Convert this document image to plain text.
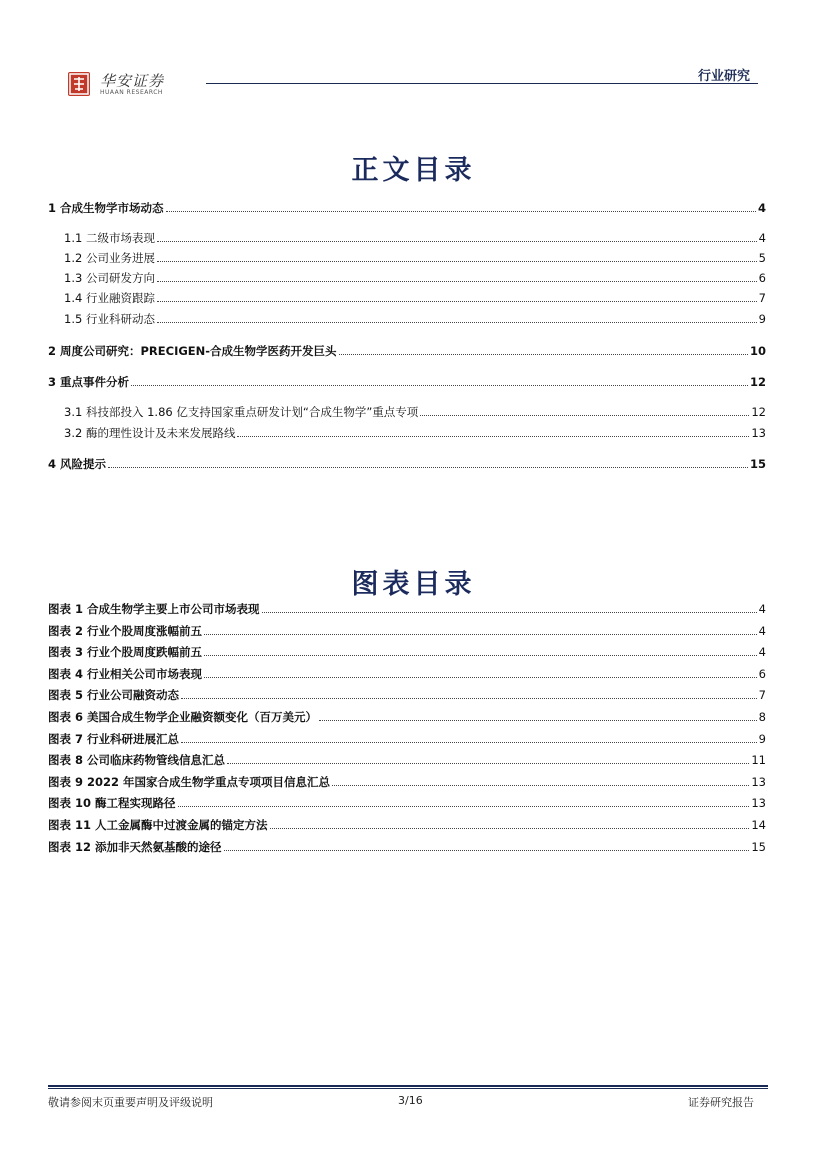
华安证券
HUAAN RESEARCH
行业研究
正文目录
1 合成生物学市场动态	4
1.1 二级市场表现	4
1.2 公司业务进展	5
1.3 公司研发方向	6
1.4 行业融资跟踪	7
1.5 行业科研动态	9
2 周度公司研究：PRECIGEN-合成生物学医药开发巨头	10
3 重点事件分析	12
3.1 科技部投入 1.86 亿支持国家重点研发计划“合成生物学”重点专项	12
3.2 酶的理性设计及未来发展路线	13
4 风险提示	15
图表目录
图表 1 合成生物学主要上市公司市场表现	4
图表 2 行业个股周度涨幅前五	4
图表 3 行业个股周度跌幅前五	4
图表 4 行业相关公司市场表现	6
图表 5 行业公司融资动态	7
图表 6 美国合成生物学企业融资额变化（百万美元）	8
图表 7 行业科研进展汇总	9
图表 8 公司临床药物管线信息汇总	11
图表 9 2022 年国家合成生物学重点专项项目信息汇总	13
图表 10 酶工程实现路径	13
图表 11 人工金属酶中过渡金属的锚定方法	14
图表 12 添加非天然氨基酸的途径	15
敬请参阅末页重要声明及评级说明	3/16	证券研究报告
